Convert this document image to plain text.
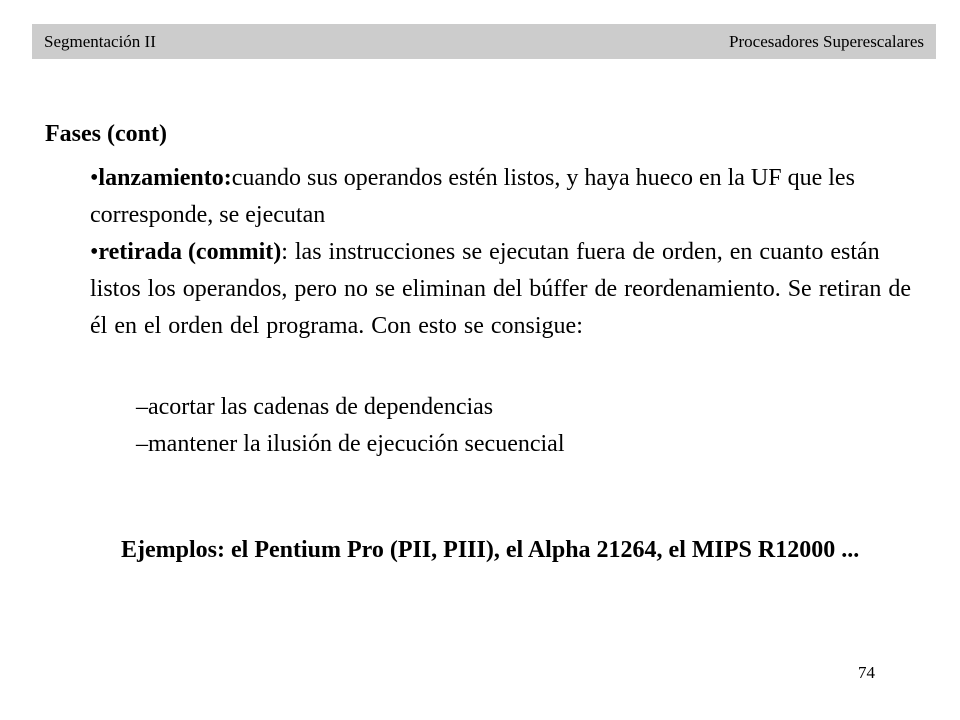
Segmentación II	Procesadores Superescalares
Fases (cont)
•lanzamiento:cuando sus operandos estén listos, y haya hueco en la UF que les corresponde, se ejecutan
•retirada (commit): las instrucciones se ejecutan fuera de orden, en cuanto están listos los operandos, pero no se eliminan del búffer de reordenamiento. Se retiran de él en el orden del programa. Con esto se consigue:
–acortar las cadenas de dependencias
–mantener la ilusión de ejecución secuencial
Ejemplos: el Pentium Pro (PII, PIII), el Alpha 21264, el MIPS R12000 ...
74
